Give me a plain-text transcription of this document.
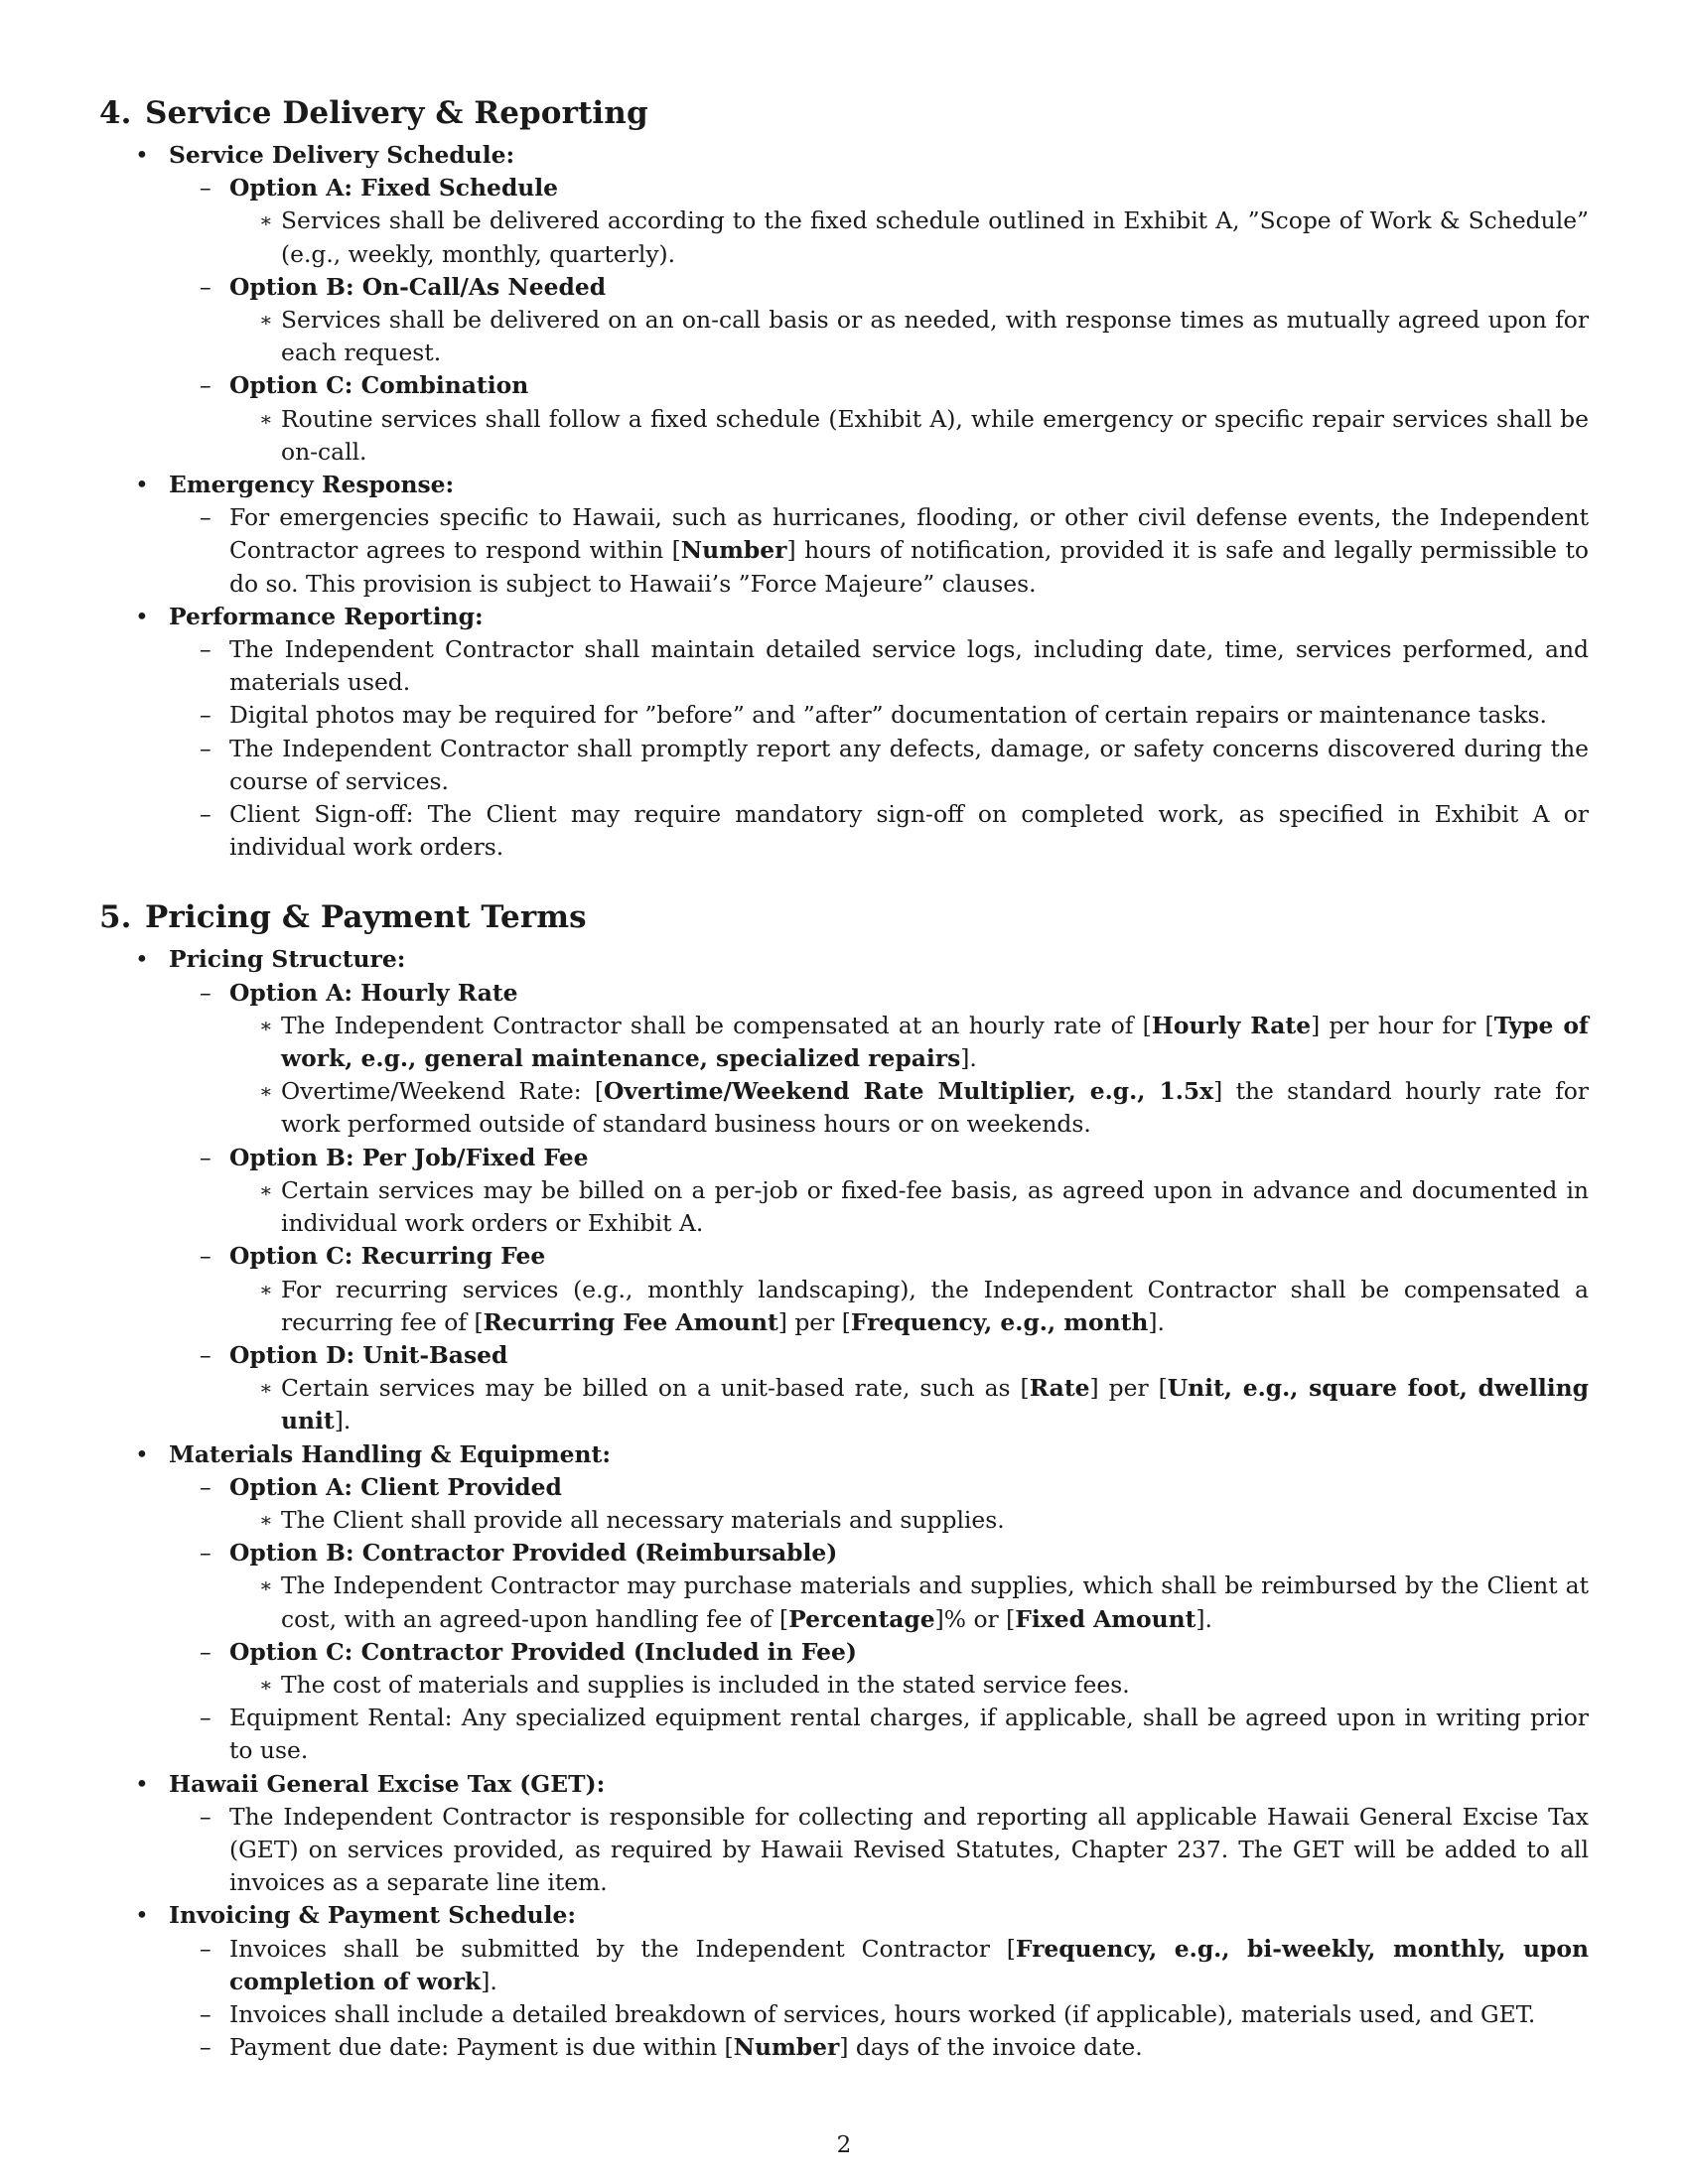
4. Service Delivery & Reporting
• Service Delivery Schedule:
– Option A: Fixed Schedule
∗ Services shall be delivered according to the fixed schedule outlined in Exhibit A, ”Scope of Work & Schedule” (e.g., weekly, monthly, quarterly).
– Option B: On-Call/As Needed
∗ Services shall be delivered on an on-call basis or as needed, with response times as mutually agreed upon for each request.
– Option C: Combination
∗ Routine services shall follow a fixed schedule (Exhibit A), while emergency or specific repair services shall be on-call.
• Emergency Response:
– For emergencies specific to Hawaii, such as hurricanes, flooding, or other civil defense events, the Independent Contractor agrees to respond within [Number] hours of notification, provided it is safe and legally permissible to do so. This provision is subject to Hawaii’s ”Force Majeure” clauses.
• Performance Reporting:
– The Independent Contractor shall maintain detailed service logs, including date, time, services performed, and materials used.
– Digital photos may be required for ”before” and ”after” documentation of certain repairs or maintenance tasks.
– The Independent Contractor shall promptly report any defects, damage, or safety concerns discovered during the course of services.
– Client Sign-off: The Client may require mandatory sign-off on completed work, as specified in Exhibit A or individual work orders.
5. Pricing & Payment Terms
• Pricing Structure:
– Option A: Hourly Rate
∗ The Independent Contractor shall be compensated at an hourly rate of [Hourly Rate] per hour for [Type of work, e.g., general maintenance, specialized repairs].
∗ Overtime/Weekend Rate: [Overtime/Weekend Rate Multiplier, e.g., 1.5x] the standard hourly rate for work performed outside of standard business hours or on weekends.
– Option B: Per Job/Fixed Fee
∗ Certain services may be billed on a per-job or fixed-fee basis, as agreed upon in advance and documented in individual work orders or Exhibit A.
– Option C: Recurring Fee
∗ For recurring services (e.g., monthly landscaping), the Independent Contractor shall be compensated a recurring fee of [Recurring Fee Amount] per [Frequency, e.g., month].
– Option D: Unit-Based
∗ Certain services may be billed on a unit-based rate, such as [Rate] per [Unit, e.g., square foot, dwelling unit].
• Materials Handling & Equipment:
– Option A: Client Provided
∗ The Client shall provide all necessary materials and supplies.
– Option B: Contractor Provided (Reimbursable)
∗ The Independent Contractor may purchase materials and supplies, which shall be reimbursed by the Client at cost, with an agreed-upon handling fee of [Percentage]% or [Fixed Amount].
– Option C: Contractor Provided (Included in Fee)
∗ The cost of materials and supplies is included in the stated service fees.
– Equipment Rental: Any specialized equipment rental charges, if applicable, shall be agreed upon in writing prior to use.
• Hawaii General Excise Tax (GET):
– The Independent Contractor is responsible for collecting and reporting all applicable Hawaii General Excise Tax (GET) on services provided, as required by Hawaii Revised Statutes, Chapter 237. The GET will be added to all invoices as a separate line item.
• Invoicing & Payment Schedule:
– Invoices shall be submitted by the Independent Contractor [Frequency, e.g., bi-weekly, monthly, upon completion of work].
– Invoices shall include a detailed breakdown of services, hours worked (if applicable), materials used, and GET.
– Payment due date: Payment is due within [Number] days of the invoice date.
2
